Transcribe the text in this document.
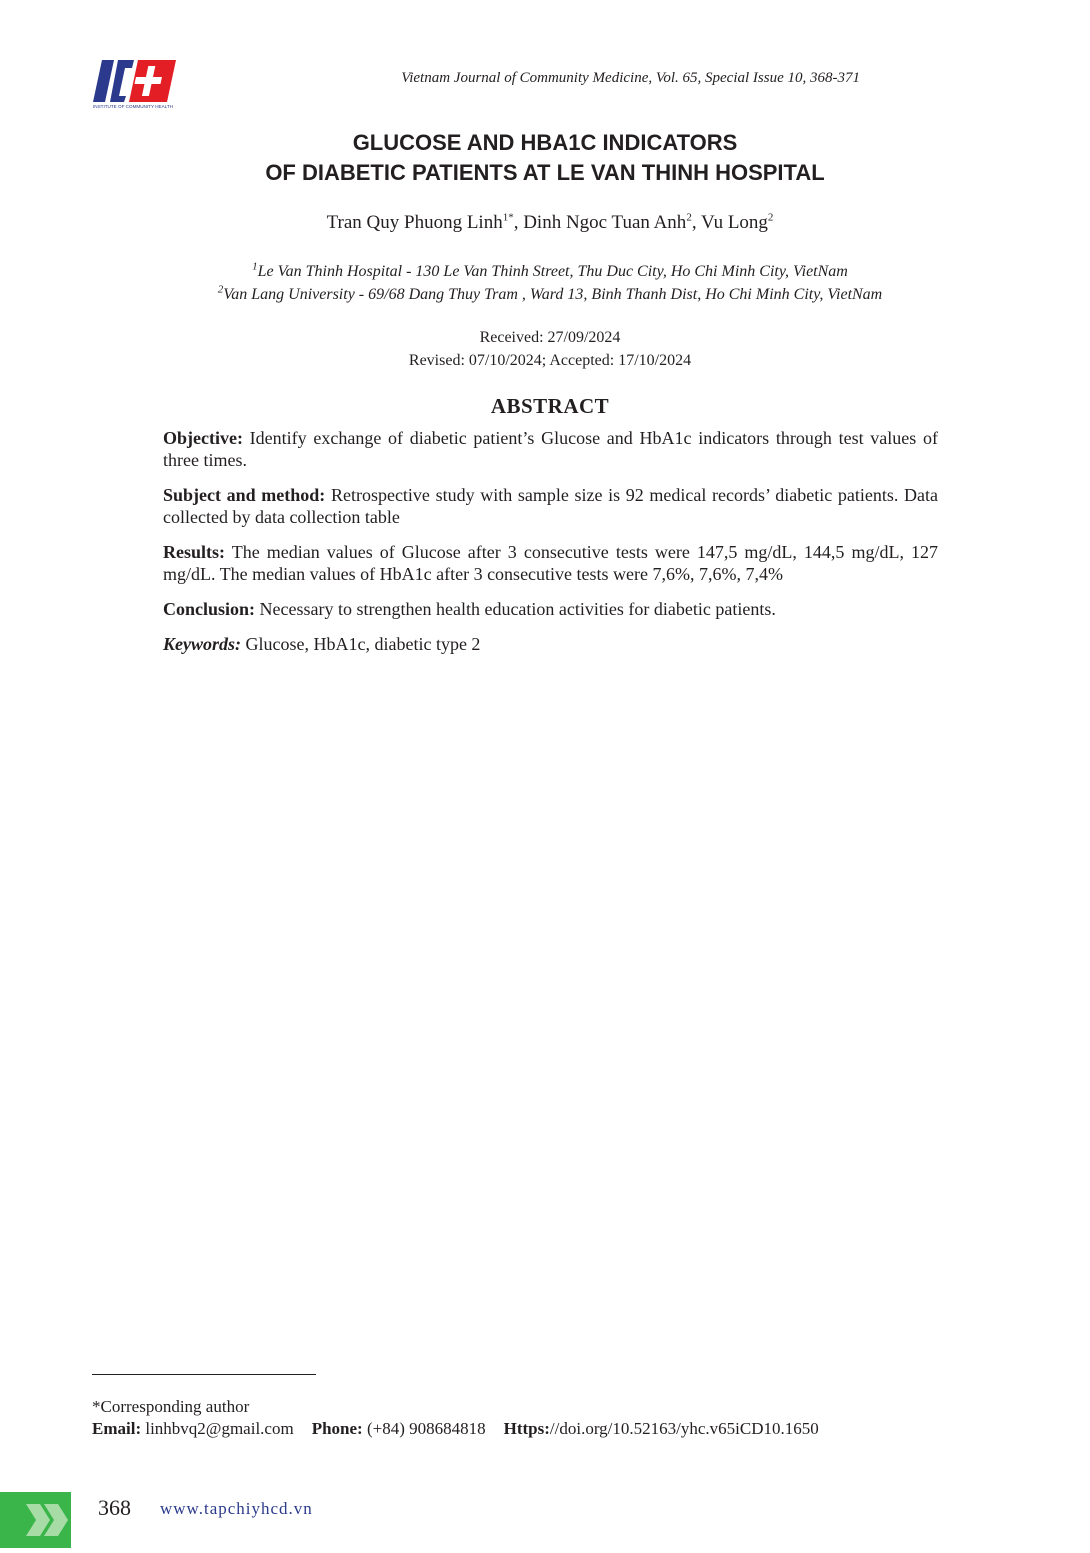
INSTITUTE OF COMMUNITY HEALTH
Vietnam Journal of Community Medicine, Vol. 65, Special Issue 10, 368-371
GLUCOSE AND HBA1C INDICATORS
OF DIABETIC PATIENTS AT LE VAN THINH HOSPITAL
Tran Quy Phuong Linh$^{1*}$, Dinh Ngoc Tuan Anh$^2$, Vu Long$^2$
$^1$Le Van Thinh Hospital - 130 Le Van Thinh Street, Thu Duc City, Ho Chi Minh City, VietNam
$^2$Van Lang University - 69/68 Dang Thuy Tram , Ward 13, Binh Thanh Dist, Ho Chi Minh City, VietNam
Received: 27/09/2024
Revised: 07/10/2024; Accepted: 17/10/2024
ABSTRACT

Objective: Identify exchange of diabetic patient’s Glucose and HbA1c indicators through test values of three times.

Subject and method: Retrospective study with sample size is 92 medical records’ diabetic patients. Data collected by data collection table

Results: The median values of Glucose after 3 consecutive tests were 147,5 mg/dL, 144,5 mg/dL, 127 mg/dL. The median values of HbA1c after 3 consecutive tests were 7,6%, 7,6%, 7,4%

Conclusion: Necessary to strengthen health education activities for diabetic patients.

Keywords: Glucose, HbA1c, diabetic type 2

*Corresponding author
Email: linhbvq2@gmail.com Phone: (+84) 908684818 Https://doi.org/10.52163/yhc.v65iCD10.1650
368 www.tapchiyhcd.vn
